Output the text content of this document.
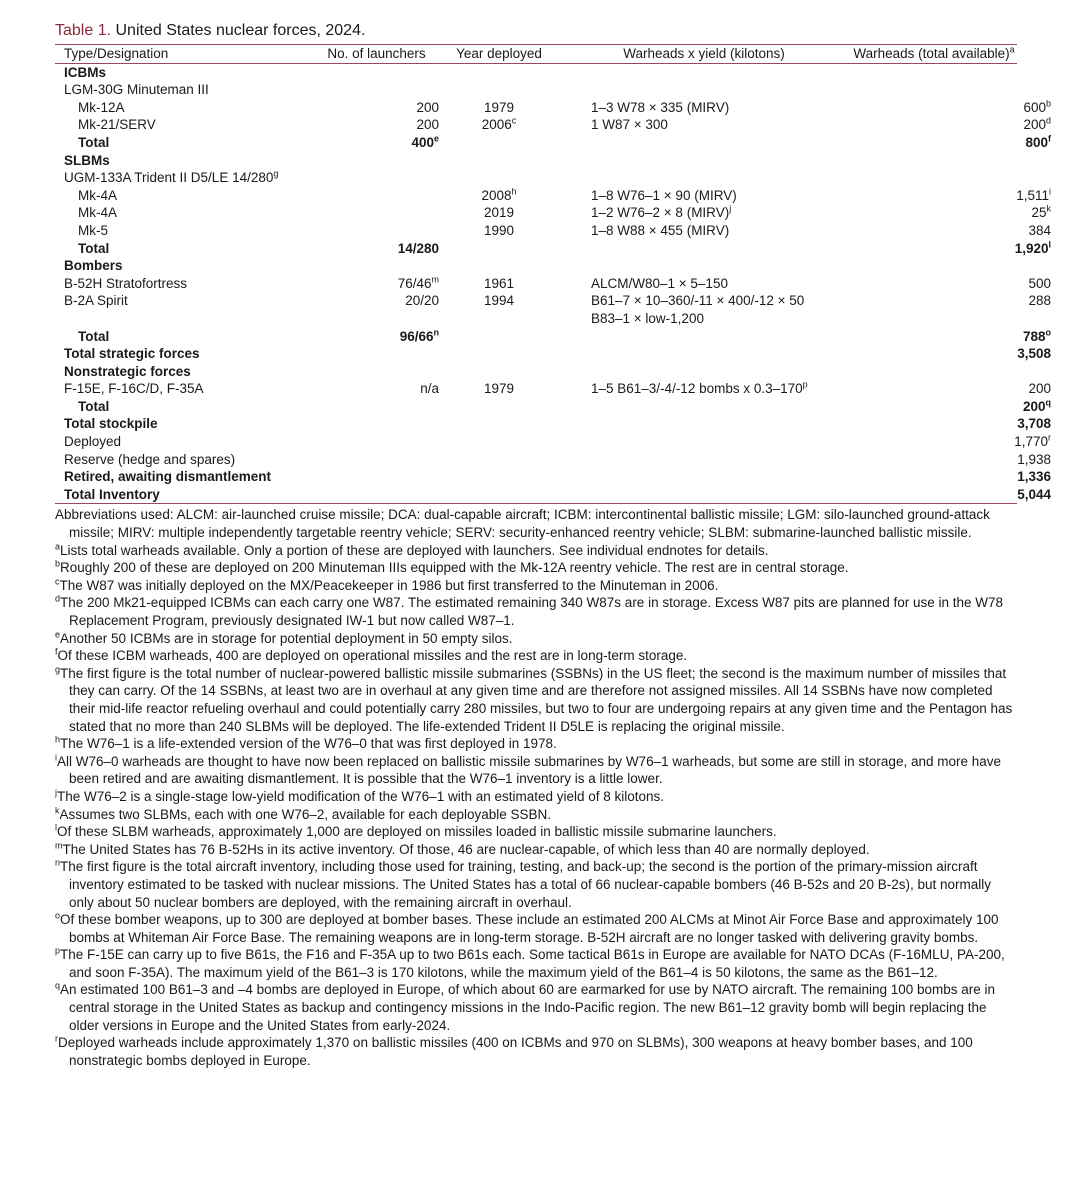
Table 1. United States nuclear forces, 2024.
Type/Designation	No. of launchers	Year deployed	Warheads x yield (kilotons)	Warheads (total available)$^a$
ICBMs				
LGM-30G Minuteman III				
Mk-12A	200	1979	1–3 W78 × 335 (MIRV)	600$^b$
Mk-21/SERV	200	2006$^c$	1 W87 × 300	200$^d$
Total	400e			800$^f$
SLBMs				
UGM-133A Trident II D5/LE 14/280$^g$				
Mk-4A		2008$^h$	1–8 W76–1 × 90 (MIRV)	1,511$^i$
Mk-4A		2019	1–2 W76–2 × 8 (MIRV)$^j$	25$^k$
Mk-5		1990	1–8 W88 × 455 (MIRV)	384
Total	14/280			1,920$^l$
Bombers				
B-52H Stratofortress	76/46$^m$	1961	ALCM/W80–1 × 5–150	500
B-2A Spirit	20/20	1994	B61–7 × 10–360/-11 × 400/-12 × 50	288
			B83–1 × low-1,200	
Total	96/66$^n$			788$^o$
Total strategic forces				3,508
Nonstrategic forces				
F-15E, F-16C/D, F-35A	n/a	1979	1–5 B61–3/-4/-12 bombs x 0.3–170$^p$	200
Total				200$^q$
Total stockpile				3,708
Deployed				1,770$^r$
Reserve (hedge and spares)				1,938
Retired, awaiting dismantlement				1,336
Total Inventory				5,044
Abbreviations used: ALCM: air-launched cruise missile; DCA: dual-capable aircraft; ICBM: intercontinental ballistic missile; LGM: silo-launched ground-attack missile; MIRV: multiple independently targetable reentry vehicle; SERV: security-enhanced reentry vehicle; SLBM: submarine-launched ballistic missile.
$^a$Lists total warheads available. Only a portion of these are deployed with launchers. See individual endnotes for details.
$^b$Roughly 200 of these are deployed on 200 Minuteman IIIs equipped with the Mk-12A reentry vehicle. The rest are in central storage.
$^c$The W87 was initially deployed on the MX/Peacekeeper in 1986 but first transferred to the Minuteman in 2006.
$^d$The 200 Mk21-equipped ICBMs can each carry one W87. The estimated remaining 340 W87s are in storage. Excess W87 pits are planned for use in the W78 Replacement Program, previously designated IW-1 but now called W87–1.
$^e$Another 50 ICBMs are in storage for potential deployment in 50 empty silos.
$^f$Of these ICBM warheads, 400 are deployed on operational missiles and the rest are in long-term storage.
$^g$The first figure is the total number of nuclear-powered ballistic missile submarines (SSBNs) in the US fleet; the second is the maximum number of missiles that they can carry. Of the 14 SSBNs, at least two are in overhaul at any given time and are therefore not assigned missiles. All 14 SSBNs have now completed their mid-life reactor refueling overhaul and could potentially carry 280 missiles, but two to four are undergoing repairs at any given time and the Pentagon has stated that no more than 240 SLBMs will be deployed. The life-extended Trident II D5LE is replacing the original missile.
$^h$The W76–1 is a life-extended version of the W76–0 that was first deployed in 1978.
$^i$All W76–0 warheads are thought to have now been replaced on ballistic missile submarines by W76–1 warheads, but some are still in storage, and more have been retired and are awaiting dismantlement. It is possible that the W76–1 inventory is a little lower.
$^j$The W76–2 is a single-stage low-yield modification of the W76–1 with an estimated yield of 8 kilotons.
$^k$Assumes two SLBMs, each with one W76–2, available for each deployable SSBN.
$^l$Of these SLBM warheads, approximately 1,000 are deployed on missiles loaded in ballistic missile submarine launchers.
$^m$The United States has 76 B-52Hs in its active inventory. Of those, 46 are nuclear-capable, of which less than 40 are normally deployed.
$^n$The first figure is the total aircraft inventory, including those used for training, testing, and back-up; the second is the portion of the primary-mission aircraft inventory estimated to be tasked with nuclear missions. The United States has a total of 66 nuclear-capable bombers (46 B-52s and 20 B-2s), but normally only about 50 nuclear bombers are deployed, with the remaining aircraft in overhaul.
$^o$Of these bomber weapons, up to 300 are deployed at bomber bases. These include an estimated 200 ALCMs at Minot Air Force Base and approximately 100 bombs at Whiteman Air Force Base. The remaining weapons are in long-term storage. B-52H aircraft are no longer tasked with delivering gravity bombs.
$^p$The F-15E can carry up to five B61s, the F16 and F-35A up to two B61s each. Some tactical B61s in Europe are available for NATO DCAs (F-16MLU, PA-200, and soon F-35A). The maximum yield of the B61–3 is 170 kilotons, while the maximum yield of the B61–4 is 50 kilotons, the same as the B61–12.
$^q$An estimated 100 B61–3 and –4 bombs are deployed in Europe, of which about 60 are earmarked for use by NATO aircraft. The remaining 100 bombs are in central storage in the United States as backup and contingency missions in the Indo-Pacific region. The new B61–12 gravity bomb will begin replacing the older versions in Europe and the United States from early-2024.
$^r$Deployed warheads include approximately 1,370 on ballistic missiles (400 on ICBMs and 970 on SLBMs), 300 weapons at heavy bomber bases, and 100 nonstrategic bombs deployed in Europe.
